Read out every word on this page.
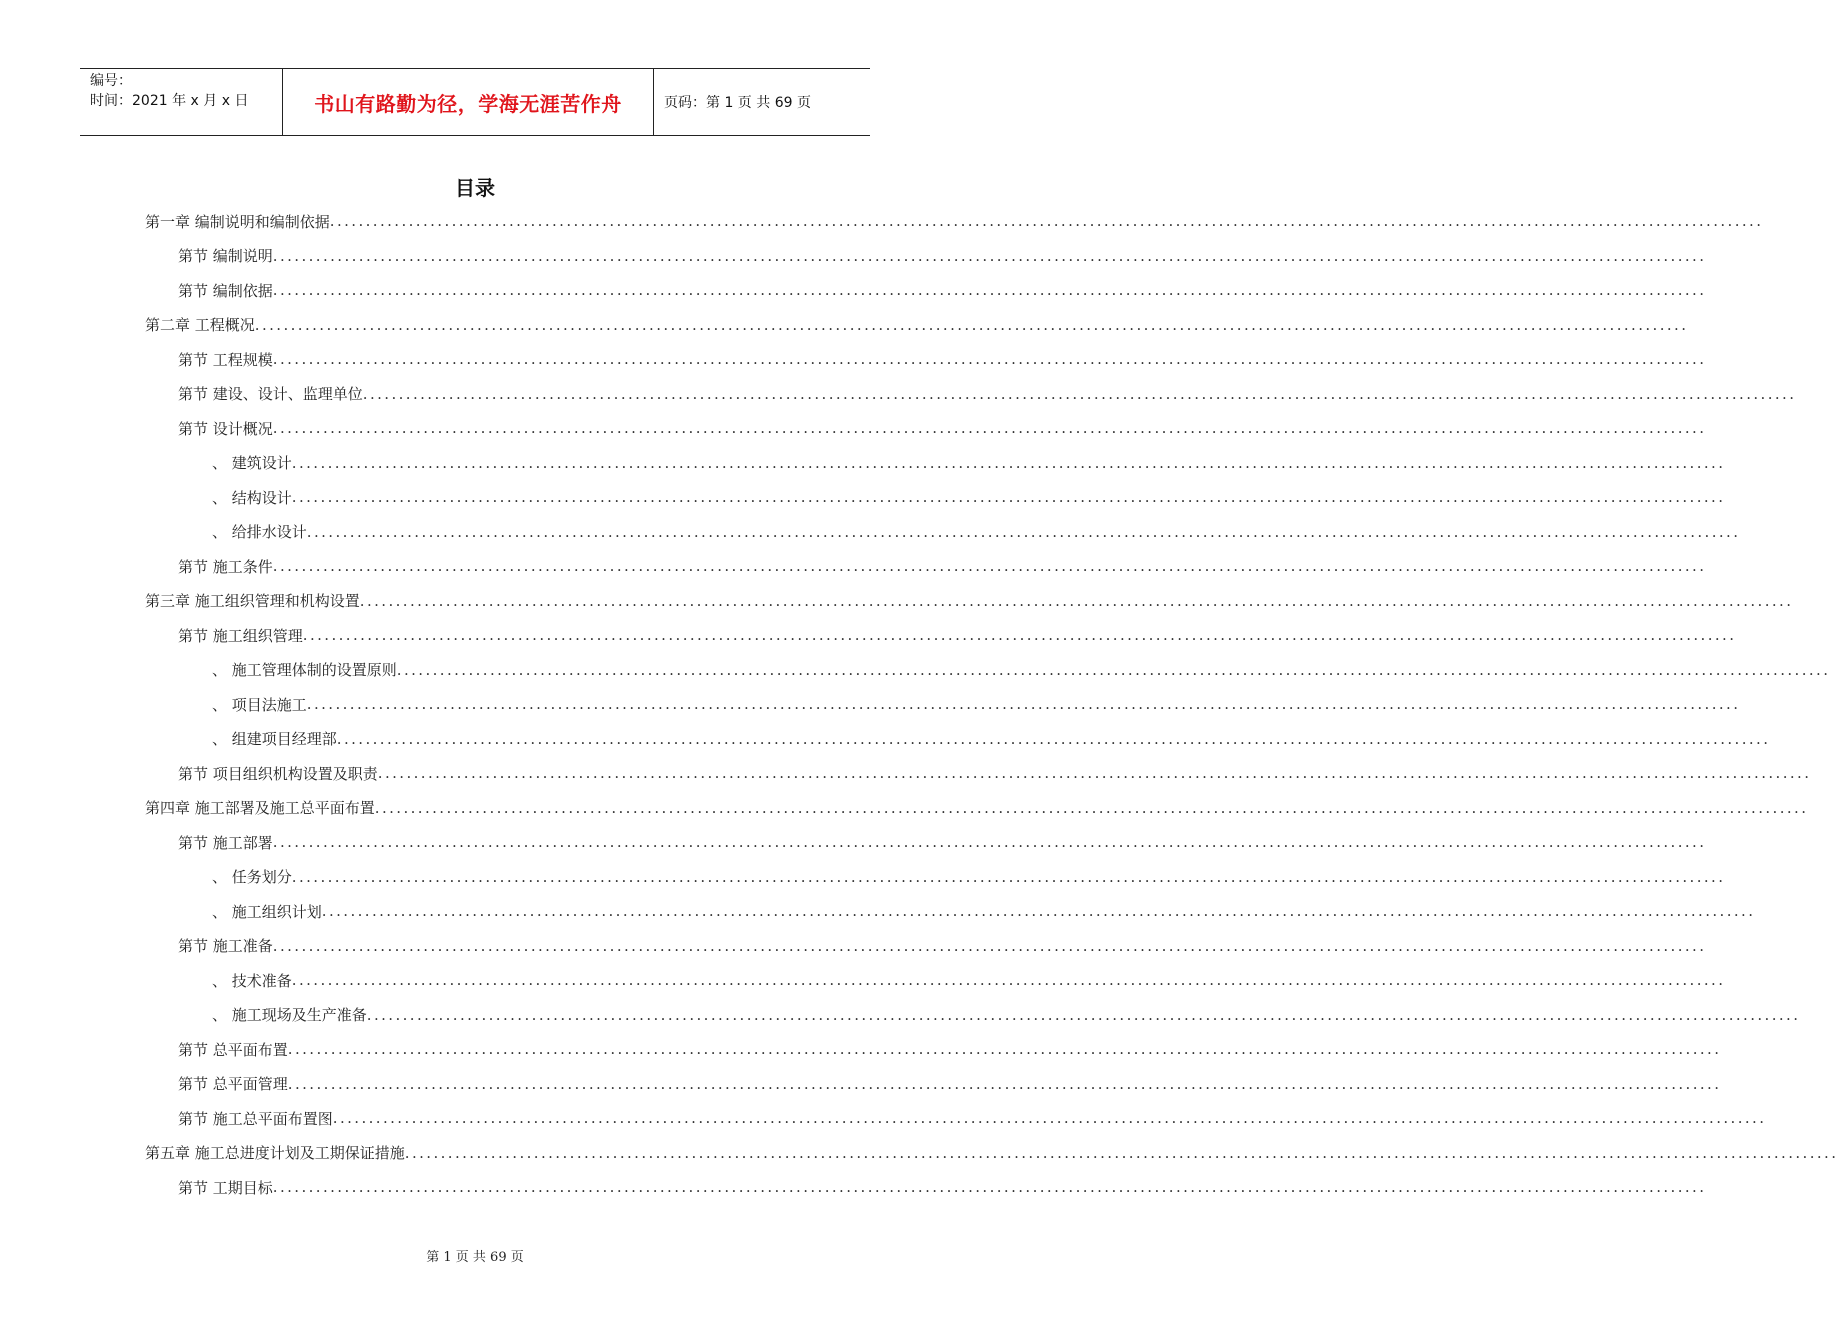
编号：
时间：2021 年 x 月 x 日	书山有路勤为径，学海无涯苦作舟	页码：第 1 页 共 69 页
目录
第一章 编制说明和编制依据 ........................................................................................................................................................................................................
第节 编制说明 ........................................................................................................................................................................................................
第节 编制依据 ........................................................................................................................................................................................................
第二章 工程概况 ........................................................................................................................................................................................................
第节 工程规模 ........................................................................................................................................................................................................
第节 建设、设计、监理单位 ........................................................................................................................................................................................................
第节 设计概况 ........................................................................................................................................................................................................
、 建筑设计 ........................................................................................................................................................................................................
、 结构设计 ........................................................................................................................................................................................................
、 给排水设计 ........................................................................................................................................................................................................
第节 施工条件 ........................................................................................................................................................................................................
第三章 施工组织管理和机构设置 ........................................................................................................................................................................................................
第节 施工组织管理 ........................................................................................................................................................................................................
、 施工管理体制的设置原则 ........................................................................................................................................................................................................
、 项目法施工 ........................................................................................................................................................................................................
、 组建项目经理部 ........................................................................................................................................................................................................
第节 项目组织机构设置及职责 ........................................................................................................................................................................................................
第四章 施工部署及施工总平面布置 ........................................................................................................................................................................................................
第节 施工部署 ........................................................................................................................................................................................................
、 任务划分 ........................................................................................................................................................................................................
、 施工组织计划 ........................................................................................................................................................................................................
第节 施工准备 ........................................................................................................................................................................................................
、 技术准备 ........................................................................................................................................................................................................
、 施工现场及生产准备 ........................................................................................................................................................................................................
第节 总平面布置 ........................................................................................................................................................................................................
第节 总平面管理 ........................................................................................................................................................................................................
第节 施工总平面布置图 ........................................................................................................................................................................................................
第五章 施工总进度计划及工期保证措施 ........................................................................................................................................................................................................
第节 工期目标 ........................................................................................................................................................................................................
第 1 页 共 69 页
